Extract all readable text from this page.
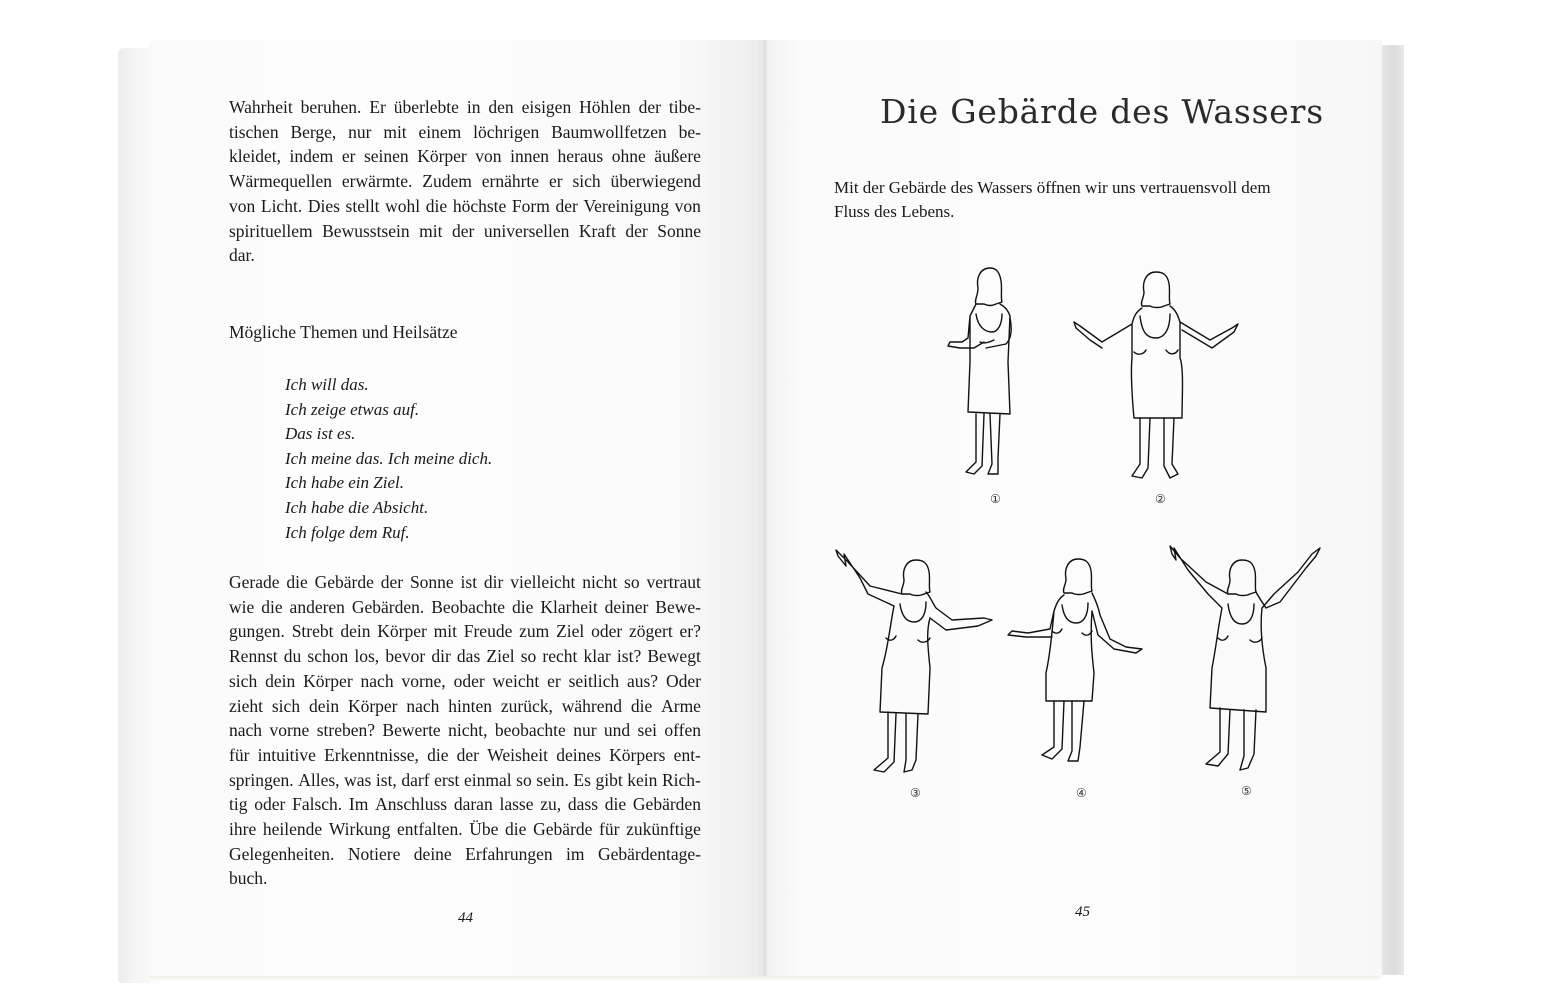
Wahrheit beruhen. Er überlebte in den eisigen Höhlen der tibe-
tischen Berge, nur mit einem löchrigen Baumwollfetzen be-
kleidet, indem er seinen Körper von innen heraus ohne äußere
Wärmequellen erwärmte. Zudem ernährte er sich überwiegend
von Licht. Dies stellt wohl die höchste Form der Vereinigung von
spirituellem Bewusstsein mit der universellen Kraft der Sonne
dar.
Mögliche Themen und Heilsätze
Ich will das.
Ich zeige etwas auf.
Das ist es.
Ich meine das. Ich meine dich.
Ich habe ein Ziel.
Ich habe die Absicht.
Ich folge dem Ruf.
Gerade die Gebärde der Sonne ist dir vielleicht nicht so vertraut
wie die anderen Gebärden. Beobachte die Klarheit deiner Bewe-
gungen. Strebt dein Körper mit Freude zum Ziel oder zögert er?
Rennst du schon los, bevor dir das Ziel so recht klar ist? Bewegt
sich dein Körper nach vorne, oder weicht er seitlich aus? Oder
zieht sich dein Körper nach hinten zurück, während die Arme
nach vorne streben? Bewerte nicht, beobachte nur und sei offen
für intuitive Erkenntnisse, die der Weisheit deines Körpers ent-
springen. Alles, was ist, darf erst einmal so sein. Es gibt kein Rich-
tig oder Falsch. Im Anschluss daran lasse zu, dass die Gebärden
ihre heilende Wirkung entfalten. Übe die Gebärde für zukünftige
Gelegenheiten. Notiere deine Erfahrungen im Gebärdentage-
buch.
44
Die Gebärde des Wassers
Mit der Gebärde des Wassers öffnen wir uns vertrauensvoll dem
Fluss des Lebens.
①	②
③	④	⑤
45
